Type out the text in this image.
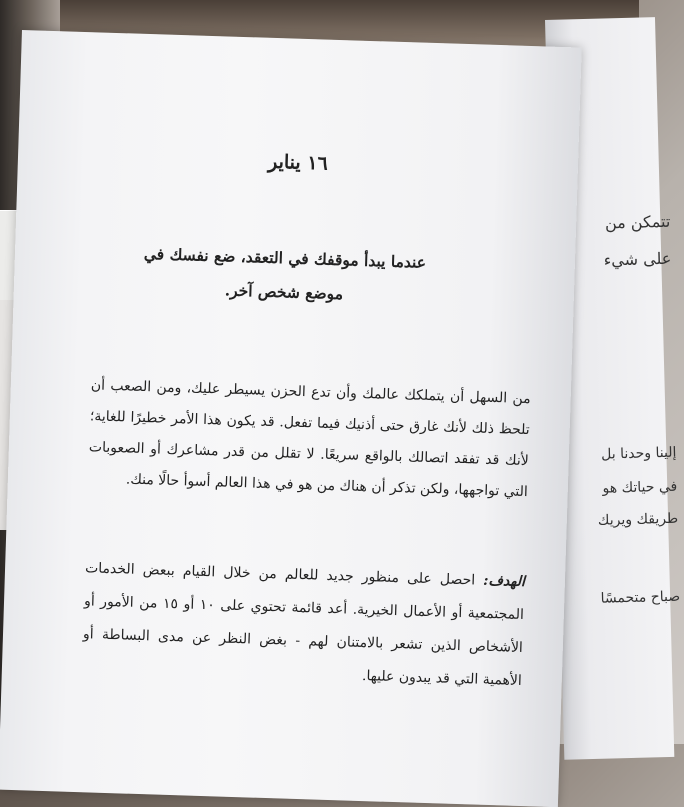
تتمكن من
على شيء
إلينا وحدنا بل
في حياتك هو
طريقك ويريك
صباح متحمسًا
١٦ يناير
عندما يبدأ موقفك في التعقد، ضع نفسك في موضع شخص آخر.
من السهل أن يتملكك عالمك وأن تدع الحزن يسيطر عليك، ومن الصعب أن تلحظ ذلك لأنك غارق حتى أذنيك فيما تفعل. قد يكون هذا الأمر خطيرًا للغاية؛ لأنك قد تفقد اتصالك بالواقع سريعًا. لا تقلل من قدر مشاعرك أو الصعوبات التي تواجهها، ولكن تذكر أن هناك من هو في هذا العالم أسوأ حالًا منك.
الهدف: احصل على منظور جديد للعالم من خلال القيام ببعض الخدمات المجتمعية أو الأعمال الخيرية. أعد قائمة تحتوي على ١٠ أو ١٥ من الأمور أو الأشخاص الذين تشعر بالامتنان لهم - بغض النظر عن مدى البساطة أو الأهمية التي قد يبدون عليها.
